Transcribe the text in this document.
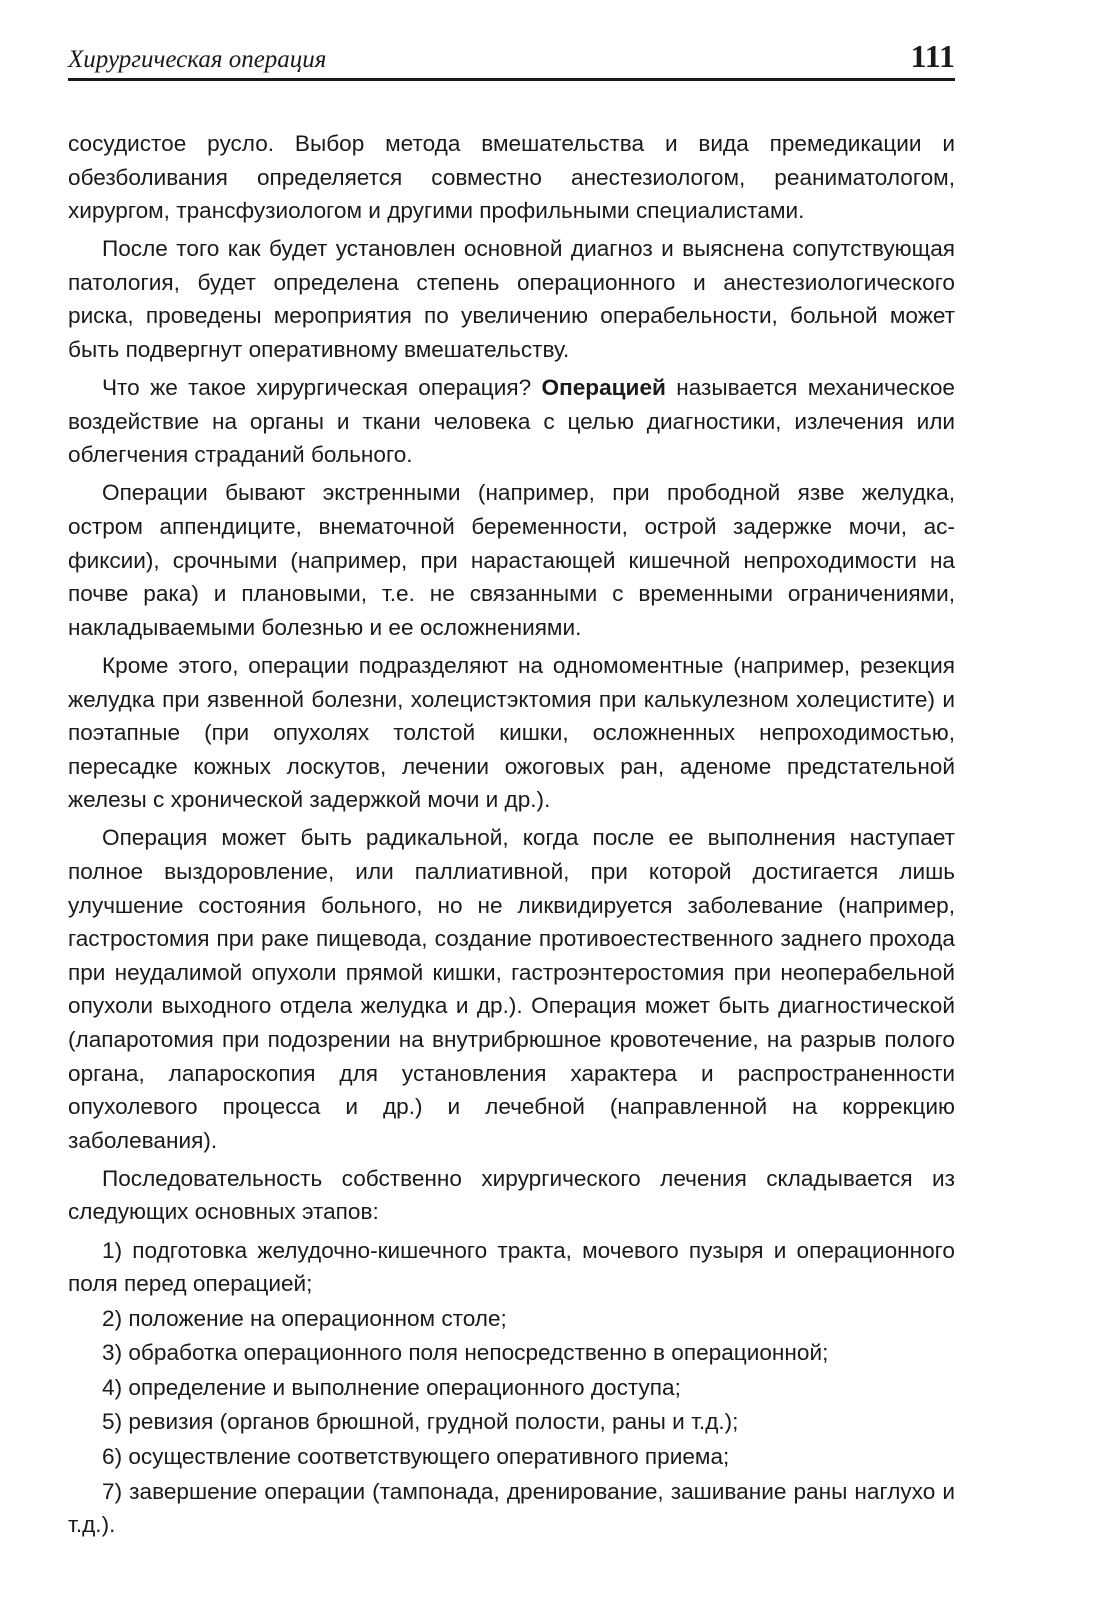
Хирургическая операция	111

сосудистое русло. Выбор метода вмешательства и вида премедикации и обезболивания определяется совместно анестезиологом, реаниматологом, хирургом, трансфузиологом и другими профильными специалистами.

После того как будет установлен основной диагноз и выяснена сопутствующая патология, будет определена степень операционного и анестезиологического риска, проведены мероприятия по увеличению операбельности, больной может быть подвергнут оперативному вмешательству.

Что же такое хирургическая операция? Операцией называется механическое воздействие на органы и ткани человека с целью диагностики, излечения или облегчения страданий больного.

Операции бывают экстренными (например, при прободной язве желудка, остром аппендиците, внематочной беременности, острой задержке мочи, асфиксии), срочными (например, при нарастающей кишечной непроходимости на почве рака) и плановыми, т.е. не связанными с временными ограничениями, накладываемыми болезнью и ее осложнениями.

Кроме этого, операции подразделяют на одномоментные (например, резекция желудка при язвенной болезни, холецистэктомия при калькулезном холецистите) и поэтапные (при опухолях толстой кишки, осложненных непроходимостью, пересадке кожных лоскутов, лечении ожоговых ран, аденоме предстательной железы с хронической задержкой мочи и др.).

Операция может быть радикальной, когда после ее выполнения наступает полное выздоровление, или паллиативной, при которой достигается лишь улучшение состояния больного, но не ликвидируется заболевание (например, гастростомия при раке пищевода, создание противоестественного заднего прохода при неудалимой опухоли прямой кишки, гастроэнтеростомия при неоперабельной опухоли выходного отдела желудка и др.). Операция может быть диагностической (лапаротомия при подозрении на внутрибрюшное кровотечение, на разрыв полого органа, лапароскопия для установления характера и распространенности опухолевого процесса и др.) и лечебной (направленной на коррекцию заболевания).

Последовательность собственно хирургического лечения складывается из следующих основных этапов:

1) подготовка желудочно-кишечного тракта, мочевого пузыря и операционного поля перед операцией;
2) положение на операционном столе;
3) обработка операционного поля непосредственно в операционной;
4) определение и выполнение операционного доступа;
5) ревизия (органов брюшной, грудной полости, раны и т.д.);
6) осуществление соответствующего оперативного приема;
7) завершение операции (тампонада, дренирование, зашивание раны наглухо и т.д.).
